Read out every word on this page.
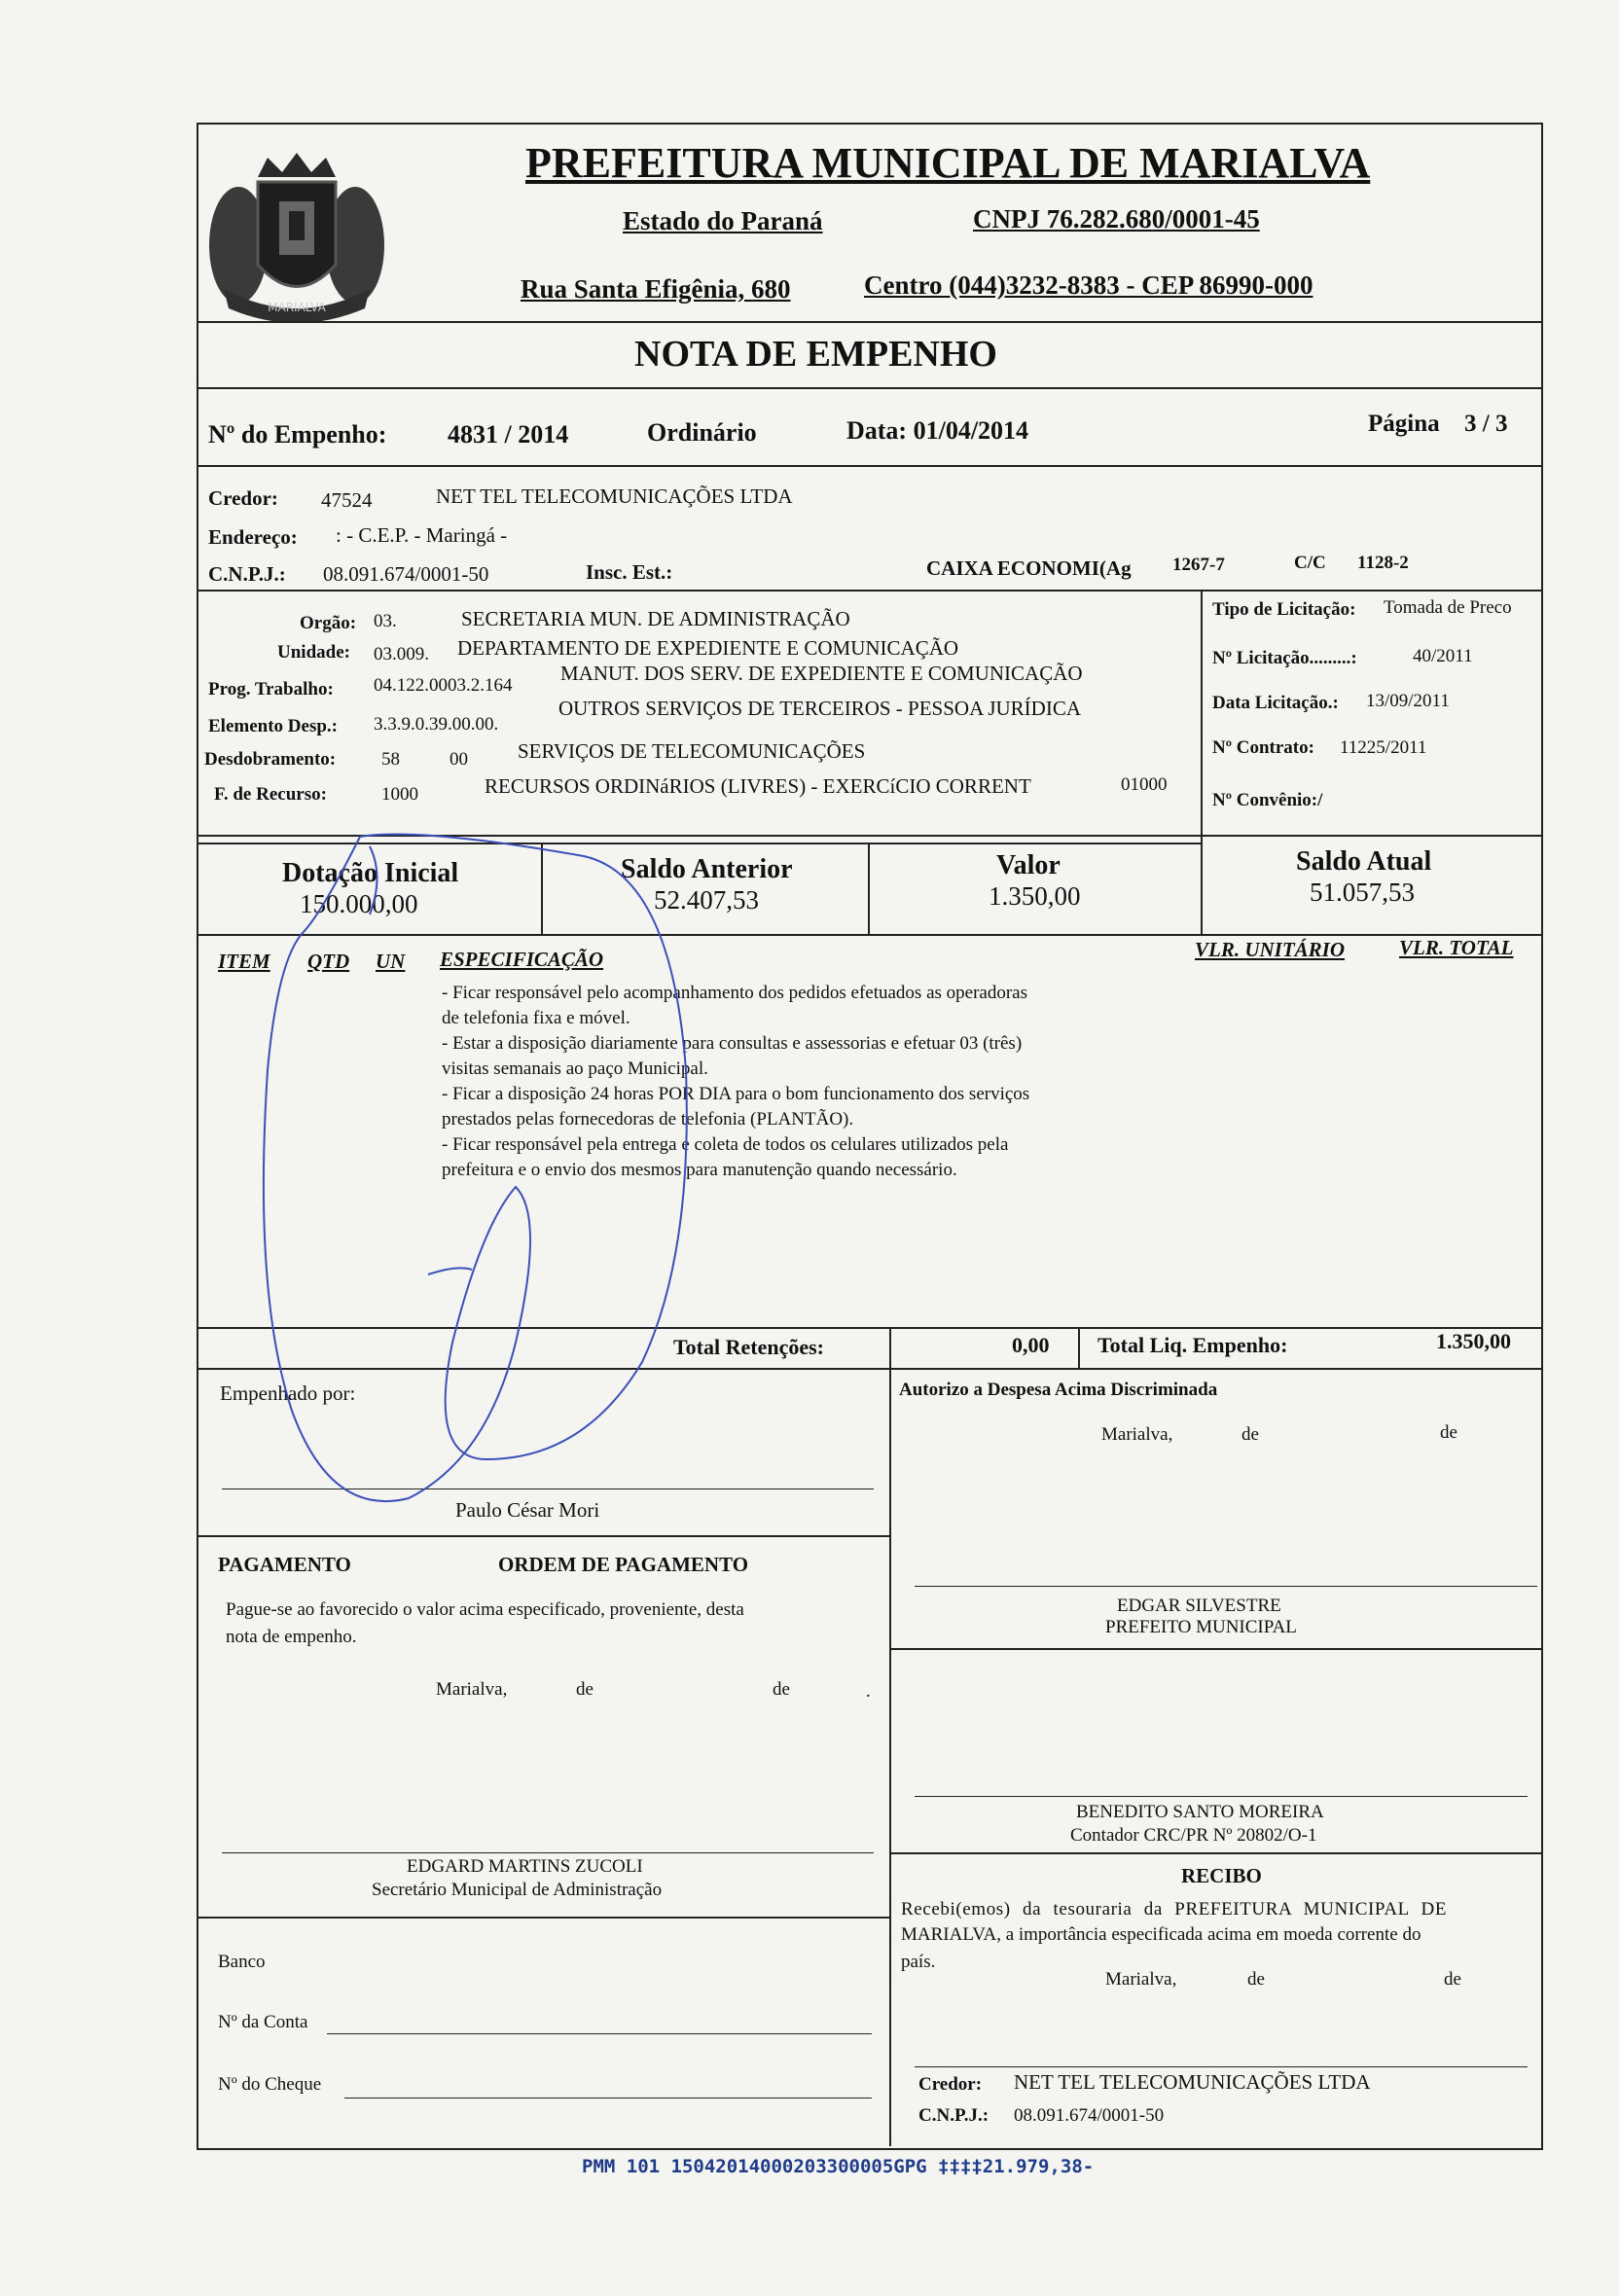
MARIALVA
PREFEITURA MUNICIPAL DE MARIALVA
Estado do Paraná	CNPJ 76.282.680/0001-45
Rua Santa Efigênia, 680	Centro (044)3232-8383 - CEP 86990-000
NOTA DE EMPENHO
Nº do Empenho: 4831 / 2014	Ordinário	Data: 01/04/2014	Página 3 / 3
Credor: 47524	NET TEL TELECOMUNICAÇÕES LTDA
Endereço: : - C.E.P. - Maringá -
C.N.P.J.: 08.091.674/0001-50	Insc. Est.:	CAIXA ECONOMI(Ag 1267-7	C/C 1128-2
Orgão: 03.	SECRETARIA MUN. DE ADMINISTRAÇÃO
Unidade: 03.009. DEPARTAMENTO DE EXPEDIENTE E COMUNICAÇÃO
Prog. Trabalho: 04.122.0003.2.164
MANUT. DOS SERV. DE EXPEDIENTE E COMUNICAÇÃO
Elemento Desp.: 3.3.9.0.39.00.00.
OUTROS SERVIÇOS DE TERCEIROS - PESSOA JURÍDICA
Desdobramento: 58	00 SERVIÇOS DE TELECOMUNICAÇÕES
F. de Recurso:	1000	RECURSOS ORDINáRIOS (LIVRES) - EXERCíCIO CORRENT	01000
Tipo de Licitação: Tomada de Preco
Nº Licitação.........:	40/2011
Data Licitação.: 13/09/2011
Nº Contrato: 11225/2011
Nº Convênio:/
Dotação Inicial
150.000,00
Saldo Anterior
52.407,53
Valor
1.350,00
Saldo Atual
51.057,53
ITEM QTD UN ESPECIFICAÇÃO	VLR. UNITÁRIO	VLR. TOTAL
- Ficar responsável pelo acompanhamento dos pedidos efetuados as operadoras
de telefonia fixa e móvel.
- Estar a disposição diariamente para consultas e assessorias e efetuar 03 (três)
visitas semanais ao paço Municipal.
- Ficar a disposição 24 horas POR DIA para o bom funcionamento dos serviços
prestados pelas fornecedoras de telefonia (PLANTÃO).
- Ficar responsável pela entrega e coleta de todos os celulares utilizados pela
prefeitura e o envio dos mesmos para manutenção quando necessário.
Total Retenções:	0,00 Total Liq. Empenho:	1.350,00
Empenhado por:
Paulo César Mori
Autorizo a Despesa Acima Discriminada
Marialva,	de	de
PAGAMENTO	ORDEM DE PAGAMENTO
Pague-se ao favorecido o valor acima especificado, proveniente, desta
nota de empenho.
Marialva,	de	de	.
EDGARD MARTINS ZUCOLI
Secretário Municipal de Administração
EDGAR SILVESTRE
PREFEITO MUNICIPAL
BENEDITO SANTO MOREIRA
Contador CRC/PR Nº 20802/O-1
RECIBO
Recebi(emos) da tesouraria da PREFEITURA MUNICIPAL DE
MARIALVA, a importância especificada acima em moeda corrente do
país.
Marialva,	de	de
Credor: NET TEL TELECOMUNICAÇÕES LTDA
C.N.P.J.: 08.091.674/0001-50
Banco
Nº da Conta
Nº do Cheque
PMM 101 15042014000203300005GPG ‡‡‡‡21.979,38-
